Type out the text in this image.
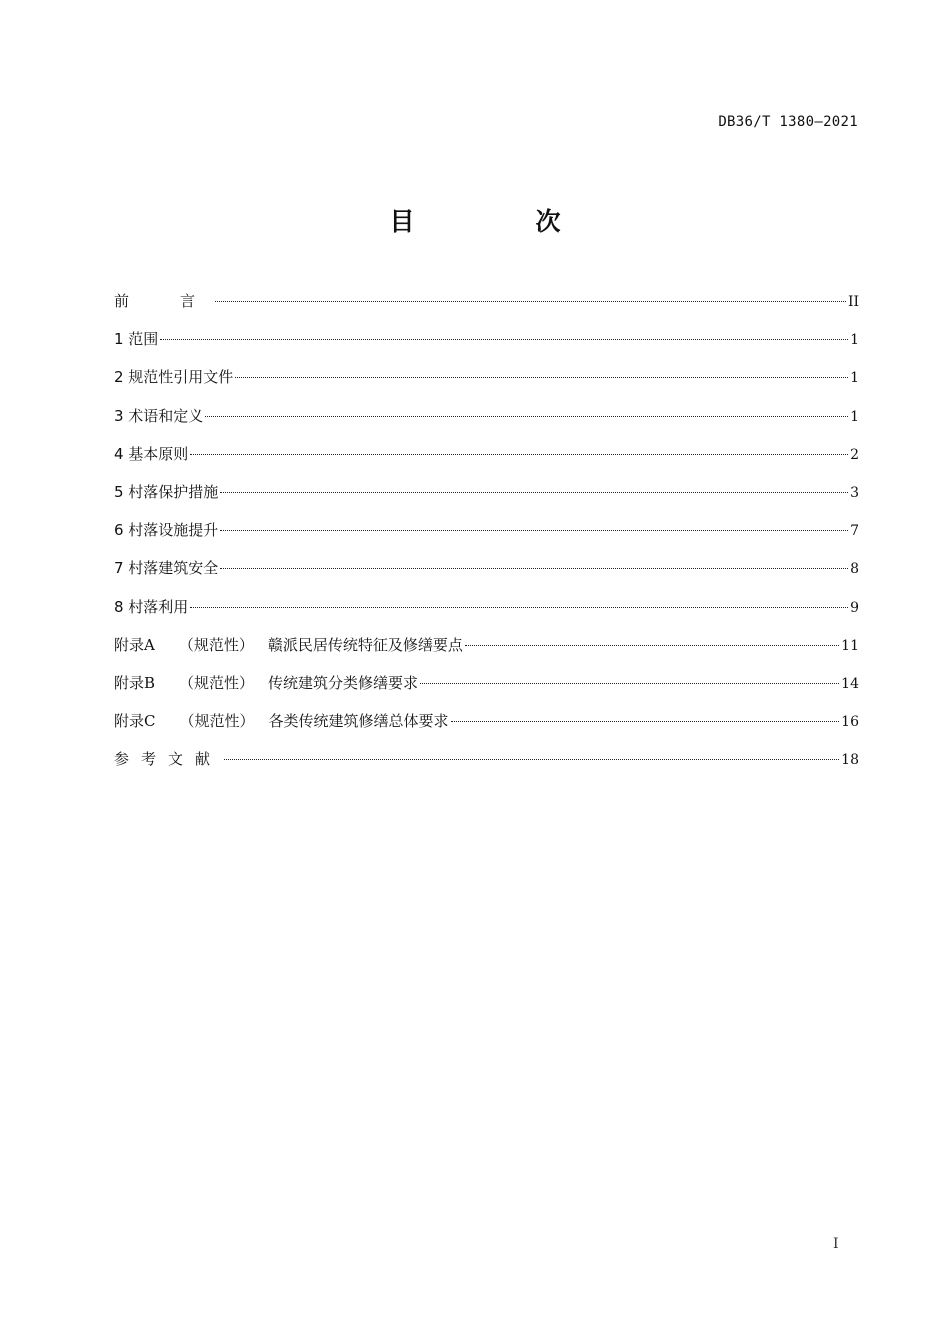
DB36/T 1380—2021
目　次
前　言	II
1 范围	1
2 规范性引用文件	1
3 术语和定义	1
4 基本原则	2
5 村落保护措施	3
6 村落设施提升	7
7 村落建筑安全	8
8 村落利用	9
附录A （规范性） 赣派民居传统特征及修缮要点	11
附录B （规范性） 传统建筑分类修缮要求	14
附录C （规范性） 各类传统建筑修缮总体要求	16
参考文献	18
I
